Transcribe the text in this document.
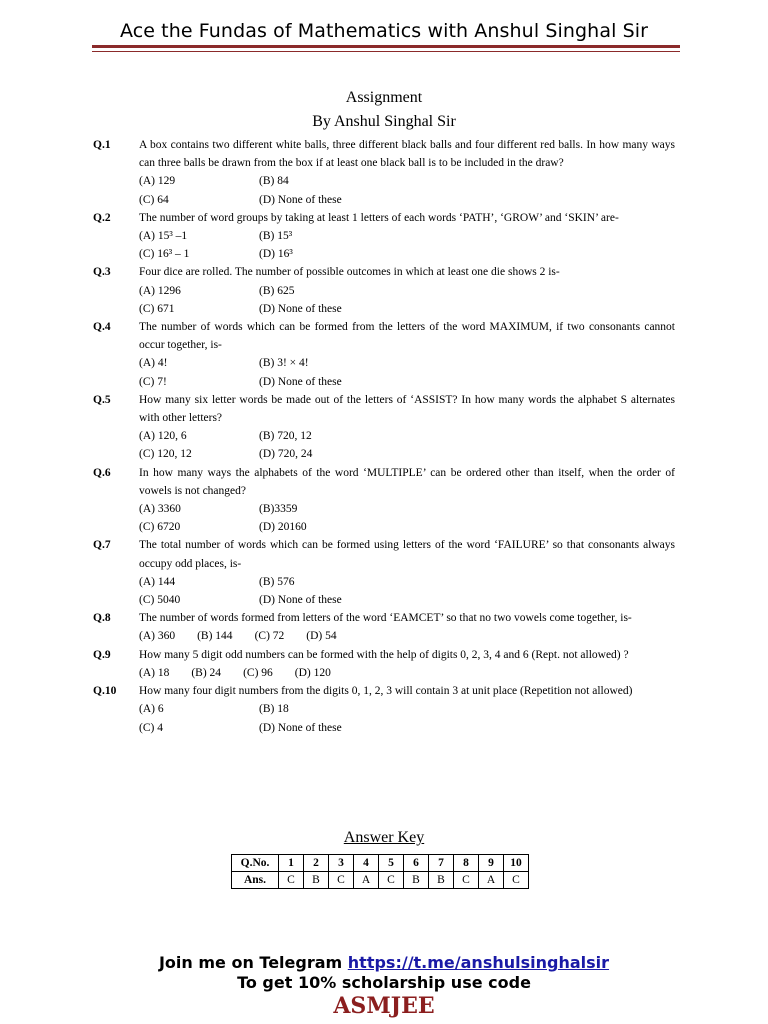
Ace the Fundas of Mathematics with Anshul Singhal Sir
Assignment
By Anshul Singhal Sir
Q.1 A box contains two different white balls, three different black balls and four different red balls. In how many ways can three balls be drawn from the box if at least one black ball is to be included in the draw?
(A) 129	(B) 84
(C) 64	(D) None of these
Q.2 The number of word groups by taking at least 1 letters of each words ‘PATH’, ‘GROW’ and ‘SKIN’ are-
(A) 15³ –1	(B) 15³
(C) 16³ – 1	(D) 16³
Q.3 Four dice are rolled. The number of possible outcomes in which at least one die shows 2 is-
(A) 1296	(B) 625
(C) 671	(D) None of these
Q.4 The number of words which can be formed from the letters of the word MAXIMUM, if two consonants cannot occur together, is-
(A) 4!	(B) 3! × 4!
(C) 7!	(D) None of these
Q.5 How many six letter words be made out of the letters of ‘ASSIST? In how many words the alphabet S alternates with other letters?
(A) 120, 6	(B) 720, 12
(C) 120, 12	(D) 720, 24
Q.6 In how many ways the alphabets of the word ‘MULTIPLE’ can be ordered other than itself, when the order of vowels is not changed?
(A) 3360	(B)3359
(C) 6720	(D) 20160
Q.7 The total number of words which can be formed using letters of the word ‘FAILURE’ so that consonants always occupy odd places, is-
(A) 144	(B) 576
(C) 5040	(D) None of these
Q.8 The number of words formed from letters of the word ‘EAMCET’ so that no two vowels come together, is-
(A) 360 (B) 144 (C) 72 (D) 54
Q.9 How many 5 digit odd numbers can be formed with the help of digits 0, 2, 3, 4 and 6 (Rept. not allowed) ?
(A) 18 (B) 24 (C) 96 (D) 120
Q.10 How many four digit numbers from the digits 0, 1, 2, 3 will contain 3 at unit place (Repetition not allowed)
(A) 6	(B) 18
(C) 4	(D) None of these
Answer Key
Q.No.	1	2	3	4	5	6	7	8	9	10
Ans.	C	B	C	A	C	B	B	C	A	C
Join me on Telegram https://t.me/anshulsinghalsir
To get 10% scholarship use code
ASMJEE
